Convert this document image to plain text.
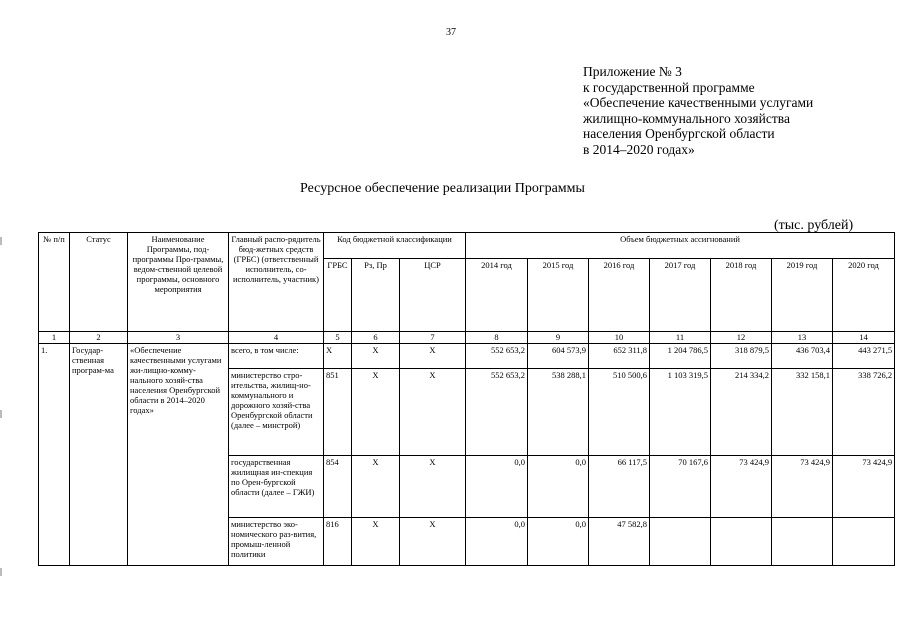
37
Приложение № 3
к государственной программе
«Обеспечение качественными услугами
жилищно-коммунального хозяйства
населения Оренбургской области
в 2014–2020 годах»
Ресурсное обеспечение реализации Программы
(тыс. рублей)
№ п/п	Статус	Наименование Программы, под-программы Про-граммы, ведом-ственной целевой программы, основного мероприятия	Главный распо-рядитель бюд-жетных средств (ГРБС) (ответственный исполнитель, со-исполнитель, участник)	Код бюджетной классификации			Объем бюджетных ассигнований						
				ГРБС	Рз, Пр	ЦСР	2014 год	2015 год	2016 год	2017 год	2018 год	2019 год	2020 год
1	2	3	4	5	6	7	8	9	10	11	12	13	14
1.	Государ-ственная програм-ма	«Обеспечение качественными услугами жи-лищно-комму-нального хозяй-ства населения Оренбургской области в 2014–2020 годах»	всего, в том числе:	Х	Х	Х	552 653,2	604 573,9	652 311,8	1 204 786,5	318 879,5	436 703,4	443 271,5
			министерство стро-ительства, жилищ-но-коммунального и дорожного хозяй-ства Оренбургской области (далее – минстрой)	851	Х	Х	552 653,2	538 288,1	510 500,6	1 103 319,5	214 334,2	332 158,1	338 726,2
			государственная жилищная ин-спекция по Орен-бургской области (далее – ГЖИ)	854	Х	Х	0,0	0,0	66 117,5	70 167,6	73 424,9	73 424,9	73 424,9
			министерство эко-номического раз-вития, промыш-ленной политики	816	Х	Х	0,0	0,0	47 582,8				
